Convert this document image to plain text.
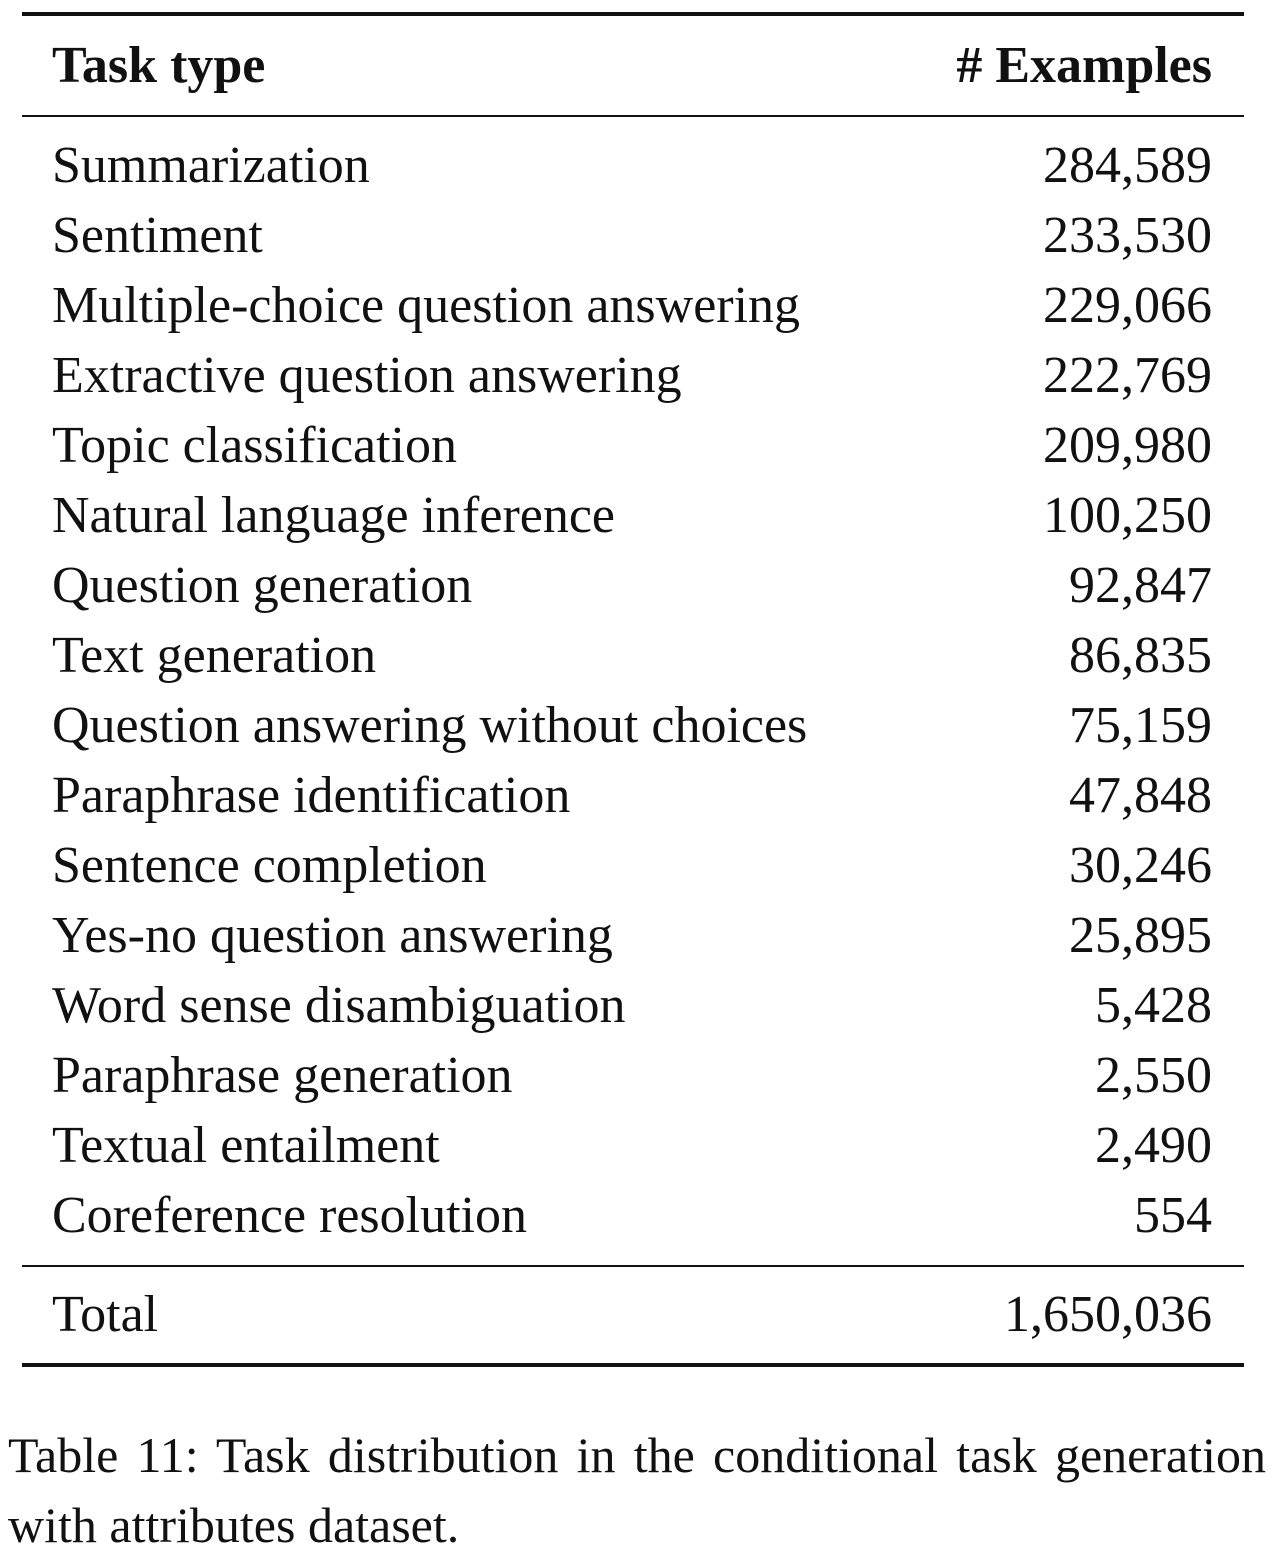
Task type	# Examples
Summarization	284,589
Sentiment	233,530
Multiple-choice question answering	229,066
Extractive question answering	222,769
Topic classification	209,980
Natural language inference	100,250
Question generation	92,847
Text generation	86,835
Question answering without choices	75,159
Paraphrase identification	47,848
Sentence completion	30,246
Yes-no question answering	25,895
Word sense disambiguation	5,428
Paraphrase generation	2,550
Textual entailment	2,490
Coreference resolution	554
Total	1,650,036
Table 11: Task distribution in the conditional task generation with attributes dataset.
